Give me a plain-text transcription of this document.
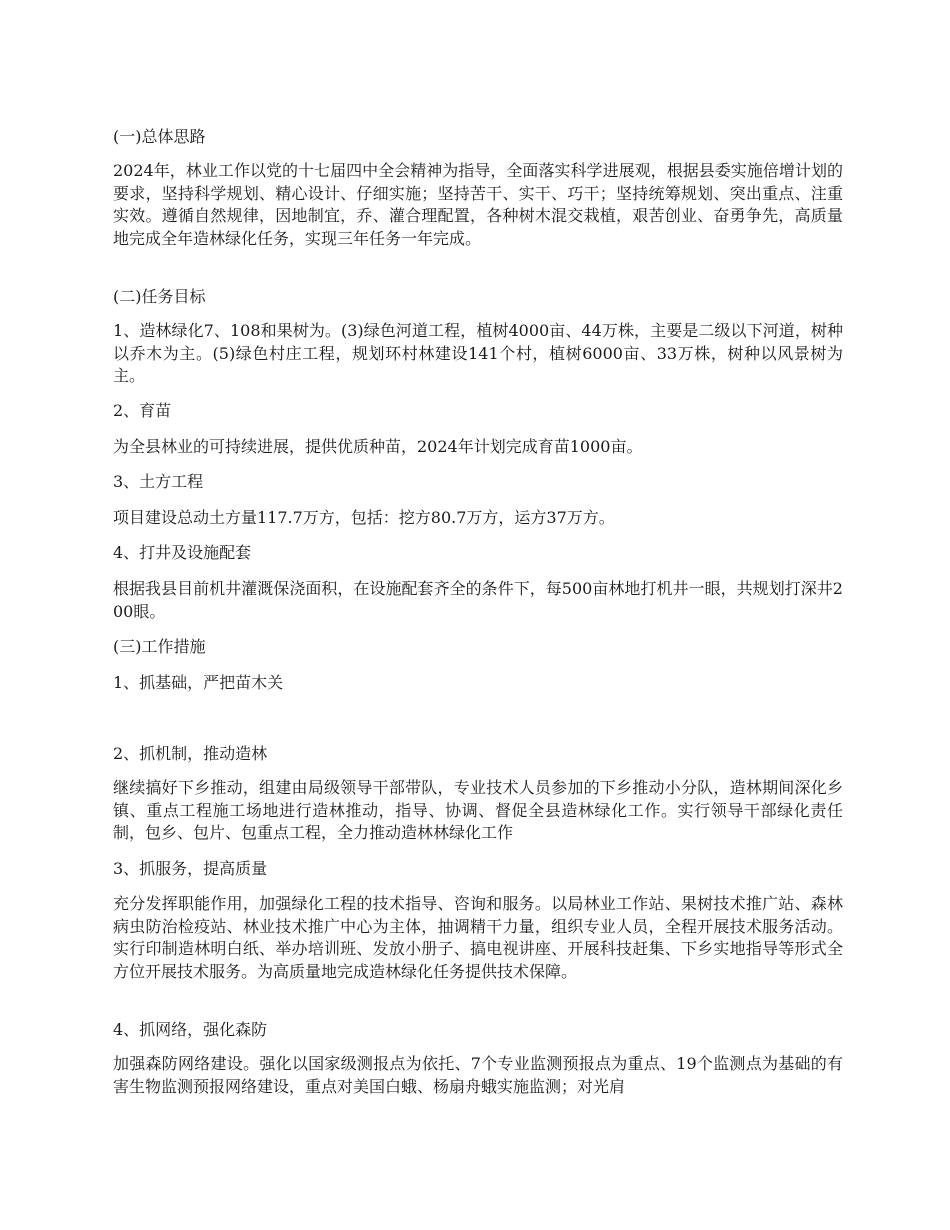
(一)总体思路

2024年，林业工作以党的十七届四中全会精神为指导，全面落实科学进展观，根据县委实施倍增计划的要求，坚持科学规划、精心设计、仔细实施；坚持苦干、实干、巧干；坚持统筹规划、突出重点、注重实效。遵循自然规律，因地制宜，乔、灌合理配置，各种树木混交栽植，艰苦创业、奋勇争先，高质量地完成全年造林绿化任务，实现三年任务一年完成。

(二)任务目标

1、造林绿化7、108和果树为。(3)绿色河道工程，植树4000亩、44万株，主要是二级以下河道，树种以乔木为主。(5)绿色村庄工程，规划环村林建设141个村，植树6000亩、33万株，树种以风景树为主。

2、育苗

为全县林业的可持续进展，提供优质种苗，2024年计划完成育苗1000亩。

3、土方工程

项目建设总动土方量117.7万方，包括：挖方80.7万方，运方37万方。

4、打井及设施配套

根据我县目前机井灌溉保浇面积，在设施配套齐全的条件下，每500亩林地打机井一眼，共规划打深井200眼。

(三)工作措施

1、抓基础，严把苗木关

2、抓机制，推动造林

继续搞好下乡推动，组建由局级领导干部带队，专业技术人员参加的下乡推动小分队，造林期间深化乡镇、重点工程施工场地进行造林推动，指导、协调、督促全县造林绿化工作。实行领导干部绿化责任制，包乡、包片、包重点工程，全力推动造林林绿化工作

3、抓服务，提高质量

充分发挥职能作用，加强绿化工程的技术指导、咨询和服务。以局林业工作站、果树技术推广站、森林病虫防治检疫站、林业技术推广中心为主体，抽调精干力量，组织专业人员，全程开展技术服务活动。实行印制造林明白纸、举办培训班、发放小册子、搞电视讲座、开展科技赶集、下乡实地指导等形式全方位开展技术服务。为高质量地完成造林绿化任务提供技术保障。

4、抓网络，强化森防

加强森防网络建设。强化以国家级测报点为依托、7个专业监测预报点为重点、19个监测点为基础的有害生物监测预报网络建设，重点对美国白蛾、杨扇舟蛾实施监测；对光肩
